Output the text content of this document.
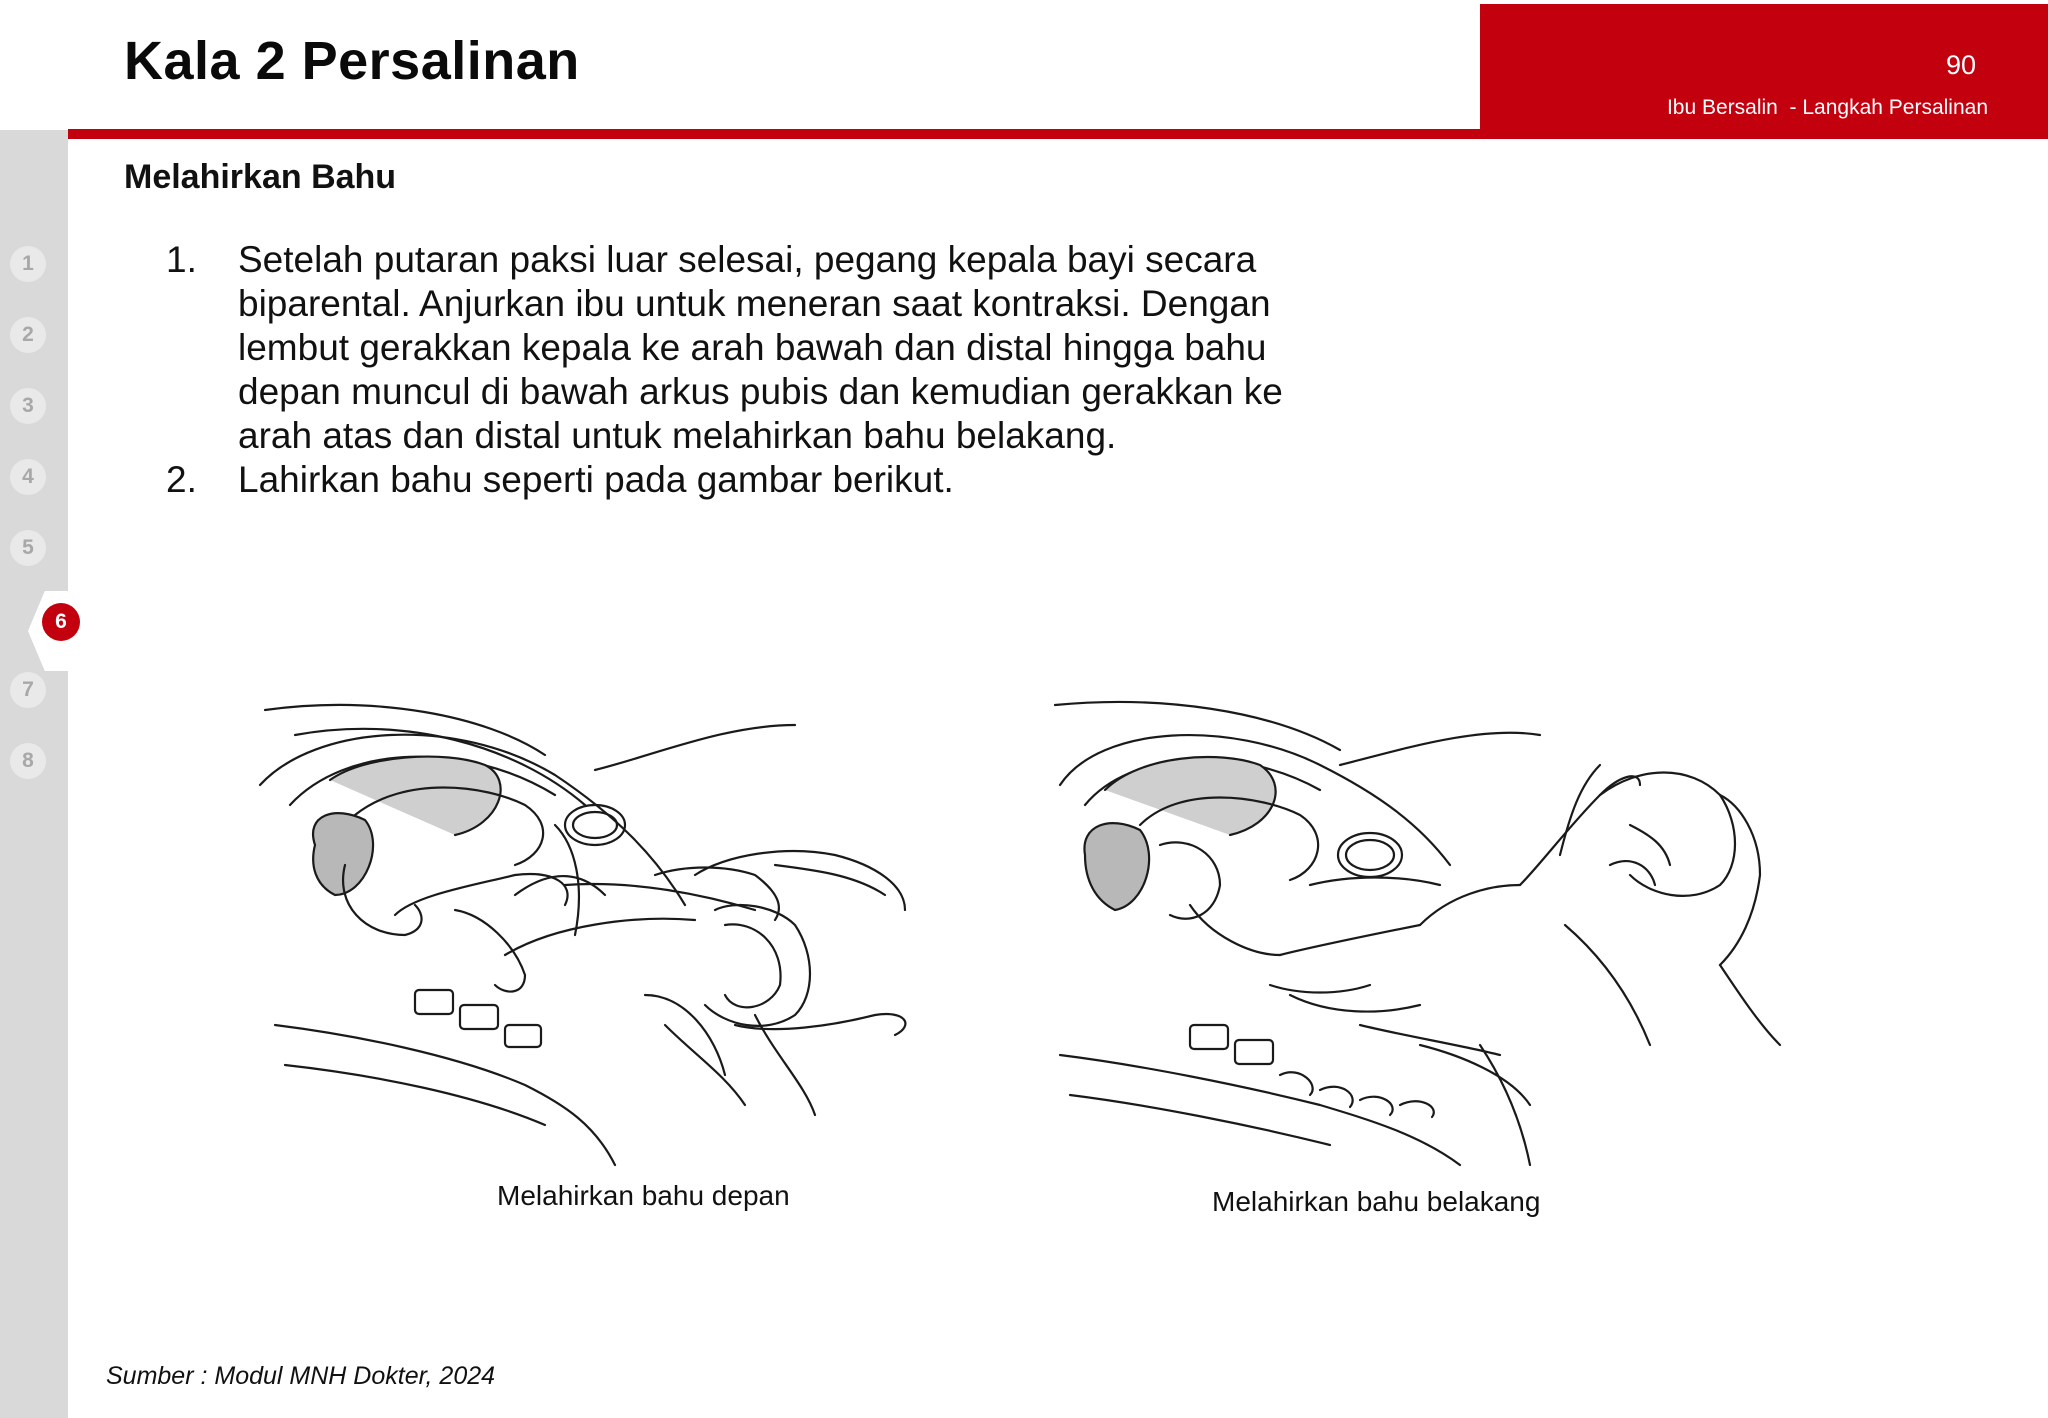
Kala 2 Persalinan	90
Ibu Bersalin  - Langkah Persalinan
1
2
3
4
5
7
8
6
Melahirkan Bahu
1. Setelah putaran paksi luar selesai, pegang kepala bayi secara biparental. Anjurkan ibu untuk meneran saat kontraksi. Dengan lembut gerakkan kepala ke arah bawah dan distal hingga bahu depan muncul di bawah arkus pubis dan kemudian gerakkan ke arah atas dan distal untuk melahirkan bahu belakang.
2. Lahirkan bahu seperti pada gambar berikut.
Melahirkan bahu depan	Melahirkan bahu belakang
Sumber : Modul MNH Dokter, 2024
